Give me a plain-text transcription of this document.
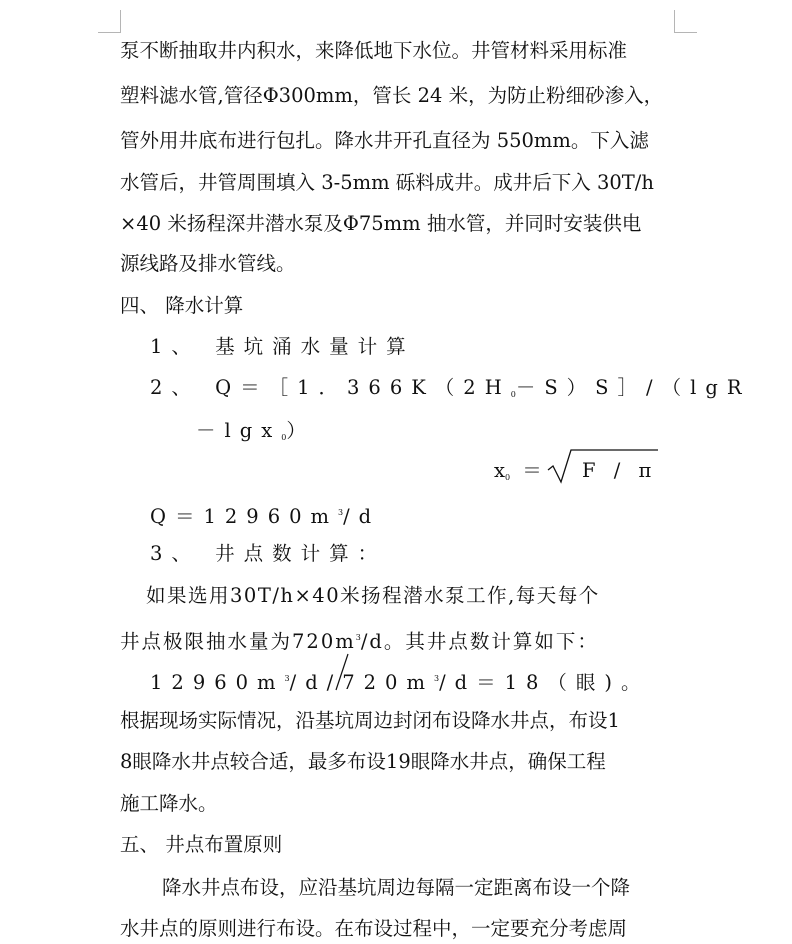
泵不断抽取井内积水，来降低地下水位。井管材料采用标准
塑料滤水管,管径Φ300mm，管长 24 米，为防止粉细砂渗入，
管外用井底布进行包扎。降水井开孔直径为 550mm。下入滤
水管后，井管周围填入 3-5mm 砾料成井。成井后下入 30T/h
×40 米扬程深井潜水泵及Φ75mm 抽水管，并同时安装供电
源线路及排水管线。
四、 降水计算
1、 基坑涌水量计算
2、 Q＝［1．$366K(2H_0-S)S]/(\lg R$
－lgx$_0$）
$x_0 = F / \pi$
$Q=12960m^3/d$
3、 井点数计算：
如果选用30T/h×40米扬程潜水泵工作,每天每个
井点极限抽水量为$720m^3/d$。其井点数计算如下：
$12960m^3/d/720m^3/d=18$（眼)。
根据现场实际情况，沿基坑周边封闭布设降水井点，布设1
8眼降水井点较合适，最多布设19眼降水井点，确保工程
施工降水。
五、 井点布置原则
降水井点布设，应沿基坑周边每隔一定距离布设一个降
水井点的原则进行布设。在布设过程中，一定要充分考虑周
